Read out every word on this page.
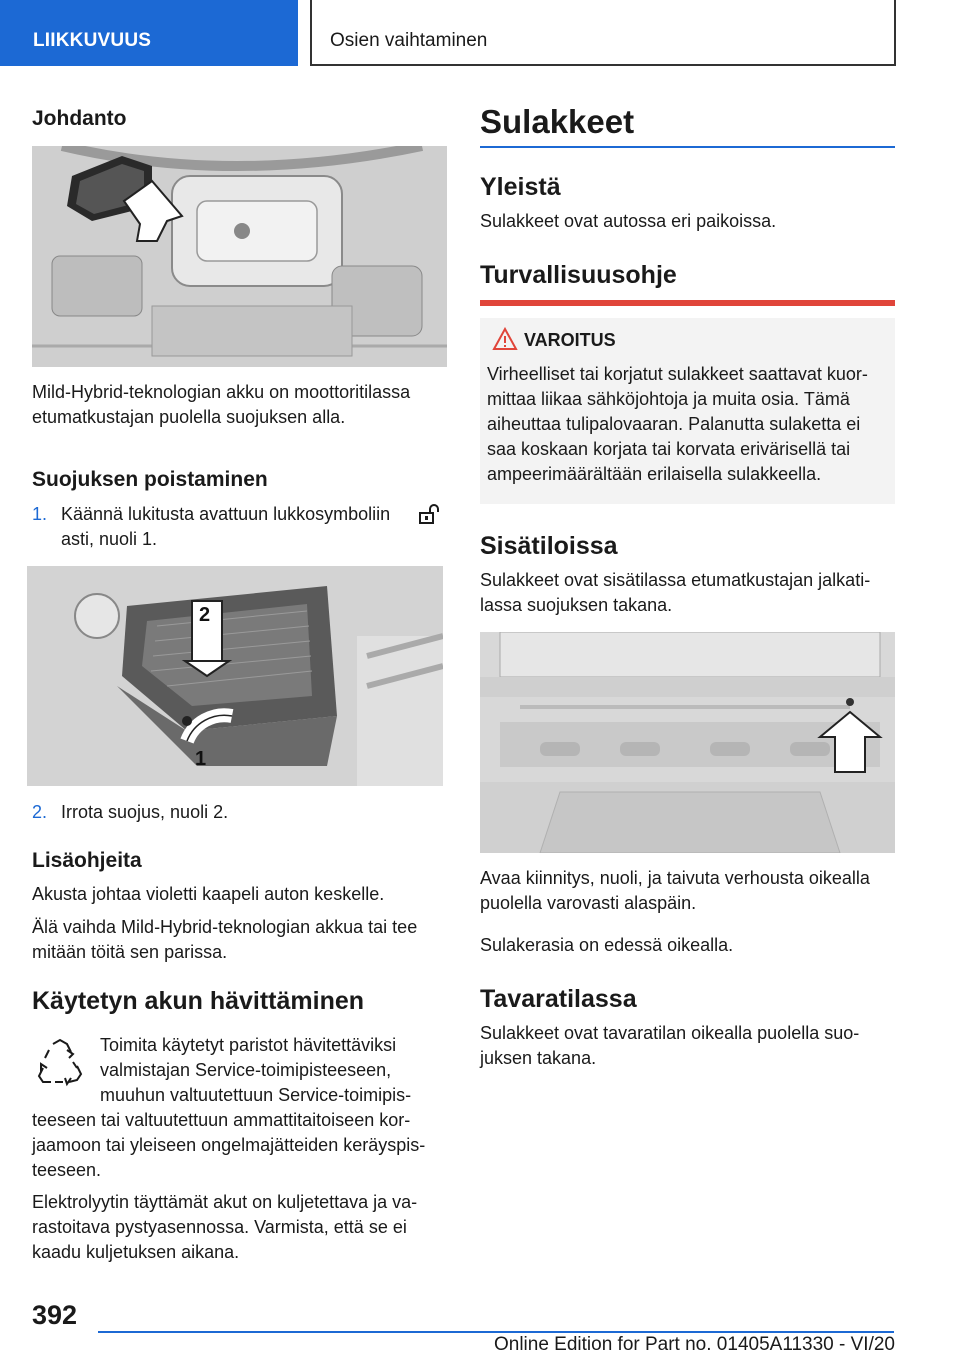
LIIKKUVUUS	Osien vaihtaminen
Johdanto
Mild-Hybrid-teknologian akku on moottoritilassa etumatkustajan puolella suojuksen alla.
Suojuksen poistaminen
1. Käännä lukitusta avattuun lukkosymboliin
asti, nuoli 1.
2
1
2. Irrota suojus, nuoli 2.
Lisäohjeita
Akusta johtaa violetti kaapeli auton keskelle.
Älä vaihda Mild-Hybrid-teknologian akkua tai tee mitään töitä sen parissa.
Käytetyn akun hävittäminen
Toimita käytetyt paristot hävitettäviksi
valmistajan Service-toimipisteeseen,
muuhun valtuutettuun Service-toimipis-
teeseen tai valtuutettuun ammattitaitoiseen kor-jaamoon tai yleiseen ongelmajätteiden keräyspis-teeseen.
Elektrolyytin täyttämät akut on kuljetettava ja va-rastoitava pystyasennossa. Varmista, että se ei kaadu kuljetuksen aikana.
Sulakkeet
Yleistä
Sulakkeet ovat autossa eri paikoissa.
Turvallisuusohje
VAROITUS
Virheelliset tai korjatut sulakkeet saattavat kuor-mittaa liikaa sähköjohtoja ja muita osia. Tämä aiheuttaa tulipalovaaran. Palanutta sulaketta ei saa koskaan korjata tai korvata erivärisellä tai ampeerimäärältään erilaisella sulakkeella.
Sisätiloissa
Sulakkeet ovat sisätilassa etumatkustajan jalkati-lassa suojuksen takana.
Avaa kiinnitys, nuoli, ja taivuta verhousta oikealla puolella varovasti alaspäin.
Sulakerasia on edessä oikealla.
Tavaratilassa
Sulakkeet ovat tavaratilan oikealla puolella suo-juksen takana.
392
Online Edition for Part no. 01405A11330 - VI/20
